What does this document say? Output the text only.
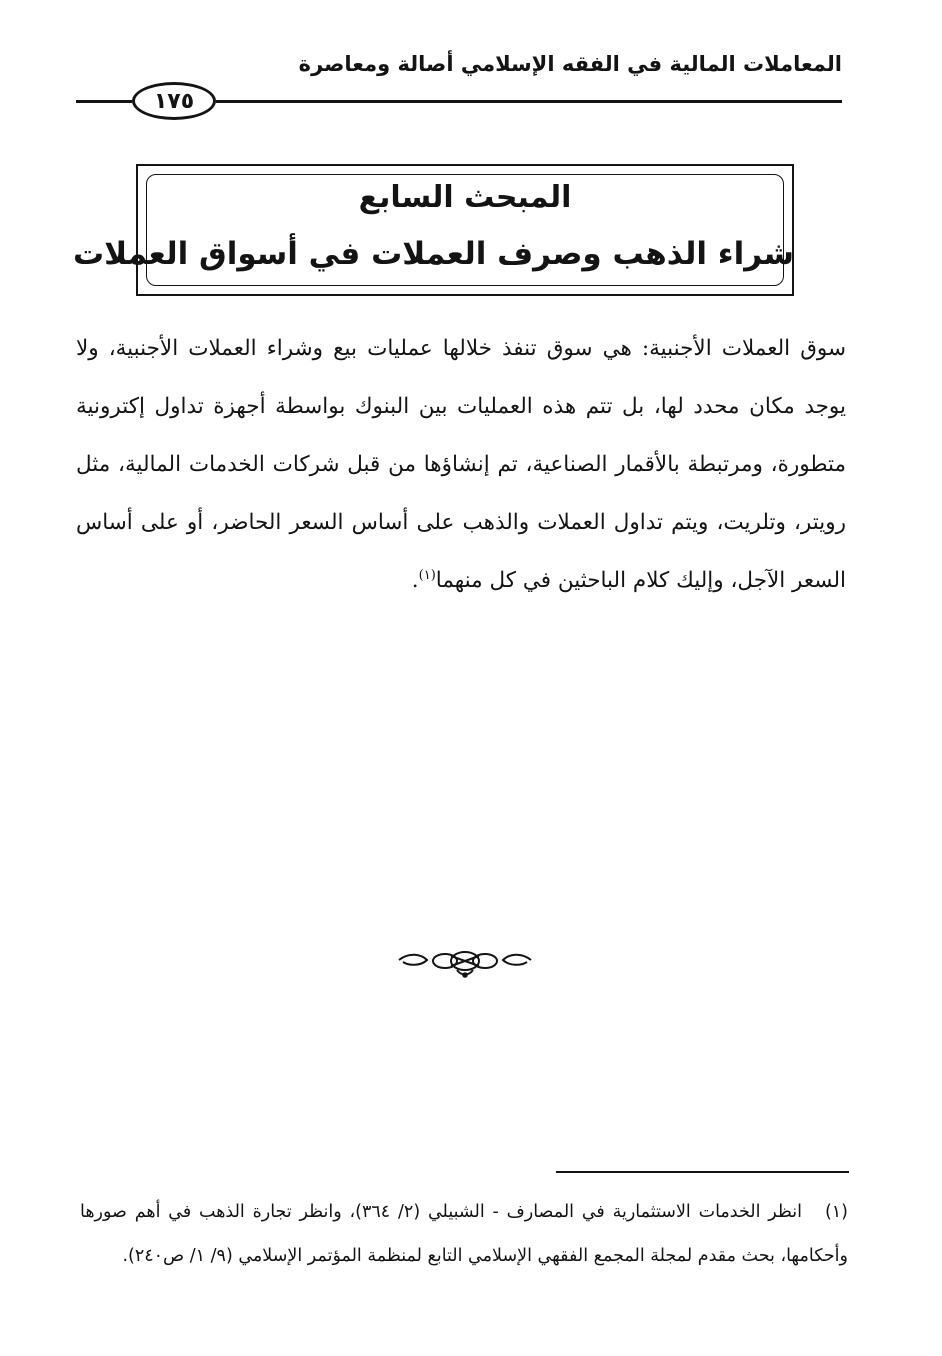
المعاملات المالية في الفقه الإسلامي أصالة ومعاصرة
١٧٥
المبحث السابع
شراء الذهب وصرف العملات في أسواق العملات
سوق العملات الأجنبية: هي سوق تنفذ خلالها عمليات بيع وشراء العملات الأجنبية، ولا يوجد مكان محدد لها، بل تتم هذه العمليات بين البنوك بواسطة أجهزة تداول إكترونية متطورة، ومرتبطة بالأقمار الصناعية، تم إنشاؤها من قبل شركات الخدمات المالية، مثل رويتر، وتلريت، ويتم تداول العملات والذهب على أساس السعر الحاضر، أو على أساس السعر الآجل، وإليك كلام الباحثين في كل منهما$^{(١)}$.
(١)انظر الخدمات الاستثمارية في المصارف - الشبيلي (٢/ ٣٦٤)، وانظر تجارة الذهب في أهم صورها وأحكامها، بحث مقدم لمجلة المجمع الفقهي الإسلامي التابع لمنظمة المؤتمر الإسلامي (٩/ ١/ ص٢٤٠).
